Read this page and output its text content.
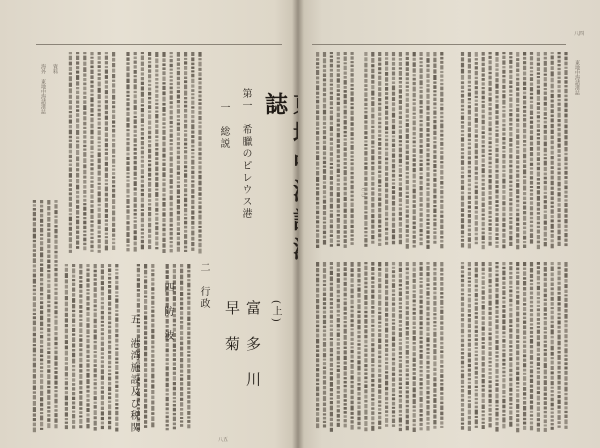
海外　東地中海諸港誌 資料
五　港湾施設及び税関
四　防　波	二　行政
富 多 川 早 菊
第一　希臘のピレウス港
一　総説 誌
(上)
八五
東地中海諸港誌
(三)
八四
